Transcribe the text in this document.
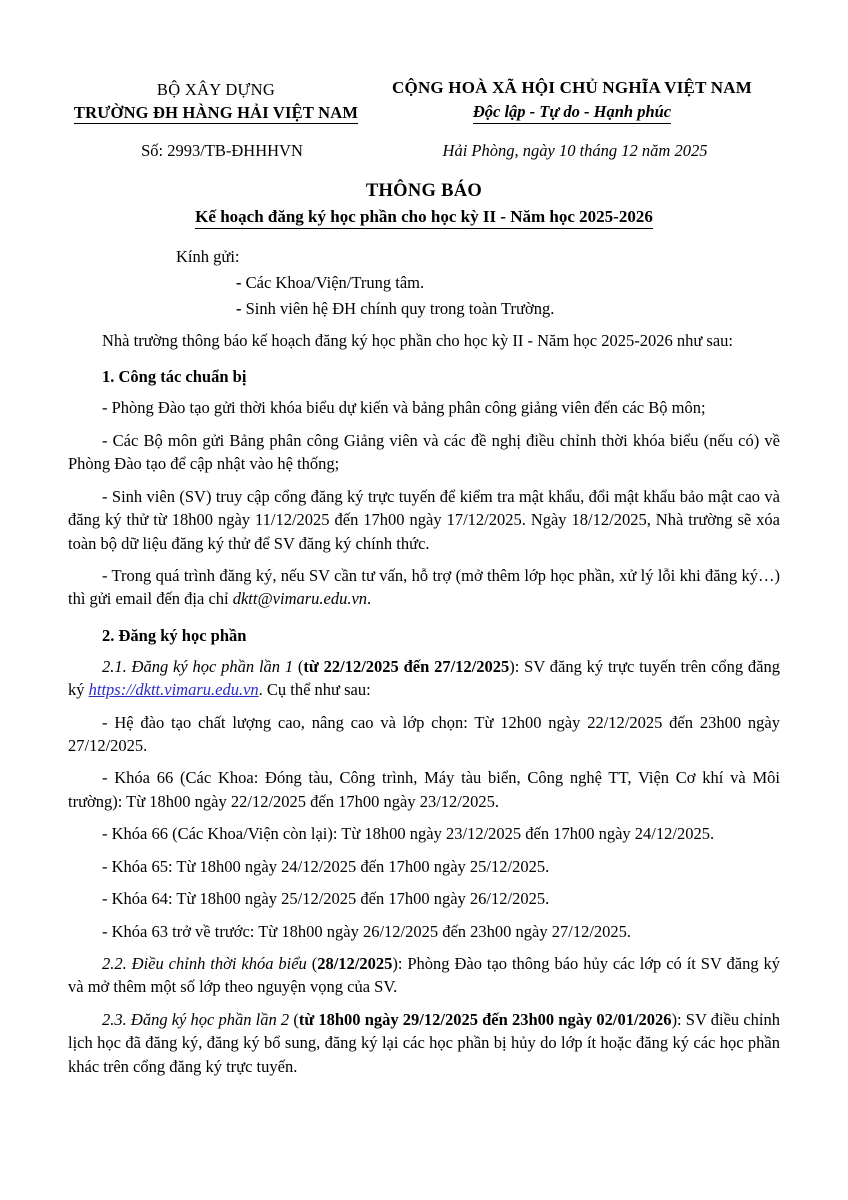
BỘ XÂY DỰNG
TRƯỜNG ĐH HÀNG HẢI VIỆT NAM
CỘNG HOÀ XÃ HỘI CHỦ NGHĨA VIỆT NAM
Độc lập - Tự do - Hạnh phúc
Số: 2993/TB-ĐHHHVN	Hải Phòng, ngày 10 tháng 12 năm 2025
THÔNG BÁO
Kế hoạch đăng ký học phần cho học kỳ II - Năm học 2025-2026
Kính gửi:
- Các Khoa/Viện/Trung tâm.
- Sinh viên hệ ĐH chính quy trong toàn Trường.

Nhà trường thông báo kế hoạch đăng ký học phần cho học kỳ II - Năm học 2025-2026 như sau:

1. Công tác chuẩn bị

- Phòng Đào tạo gửi thời khóa biểu dự kiến và bảng phân công giảng viên đến các Bộ môn;

- Các Bộ môn gửi Bảng phân công Giảng viên và các đề nghị điều chỉnh thời khóa biểu (nếu có) về Phòng Đào tạo để cập nhật vào hệ thống;

- Sinh viên (SV) truy cập cổng đăng ký trực tuyến để kiểm tra mật khẩu, đổi mật khẩu bảo mật cao và đăng ký thử từ 18h00 ngày 11/12/2025 đến 17h00 ngày 17/12/2025. Ngày 18/12/2025, Nhà trường sẽ xóa toàn bộ dữ liệu đăng ký thử để SV đăng ký chính thức.

- Trong quá trình đăng ký, nếu SV cần tư vấn, hỗ trợ (mở thêm lớp học phần, xử lý lỗi khi đăng ký…) thì gửi email đến địa chỉ dktt@vimaru.edu.vn.

2. Đăng ký học phần

2.1. Đăng ký học phần lần 1 (từ 22/12/2025 đến 27/12/2025): SV đăng ký trực tuyến trên cổng đăng ký https://dktt.vimaru.edu.vn. Cụ thể như sau:

- Hệ đào tạo chất lượng cao, nâng cao và lớp chọn: Từ 12h00 ngày 22/12/2025 đến 23h00 ngày 27/12/2025.

- Khóa 66 (Các Khoa: Đóng tàu, Công trình, Máy tàu biển, Công nghệ TT, Viện Cơ khí và Môi trường): Từ 18h00 ngày 22/12/2025 đến 17h00 ngày 23/12/2025.

- Khóa 66 (Các Khoa/Viện còn lại): Từ 18h00 ngày 23/12/2025 đến 17h00 ngày 24/12/2025.

- Khóa 65: Từ 18h00 ngày 24/12/2025 đến 17h00 ngày 25/12/2025.

- Khóa 64: Từ 18h00 ngày 25/12/2025 đến 17h00 ngày 26/12/2025.

- Khóa 63 trở về trước: Từ 18h00 ngày 26/12/2025 đến 23h00 ngày 27/12/2025.

2.2. Điều chỉnh thời khóa biểu (28/12/2025): Phòng Đào tạo thông báo hủy các lớp có ít SV đăng ký và mở thêm một số lớp theo nguyện vọng của SV.

2.3. Đăng ký học phần lần 2 (từ 18h00 ngày 29/12/2025 đến 23h00 ngày 02/01/2026): SV điều chỉnh lịch học đã đăng ký, đăng ký bổ sung, đăng ký lại các học phần bị hủy do lớp ít hoặc đăng ký các học phần khác trên cổng đăng ký trực tuyến.
